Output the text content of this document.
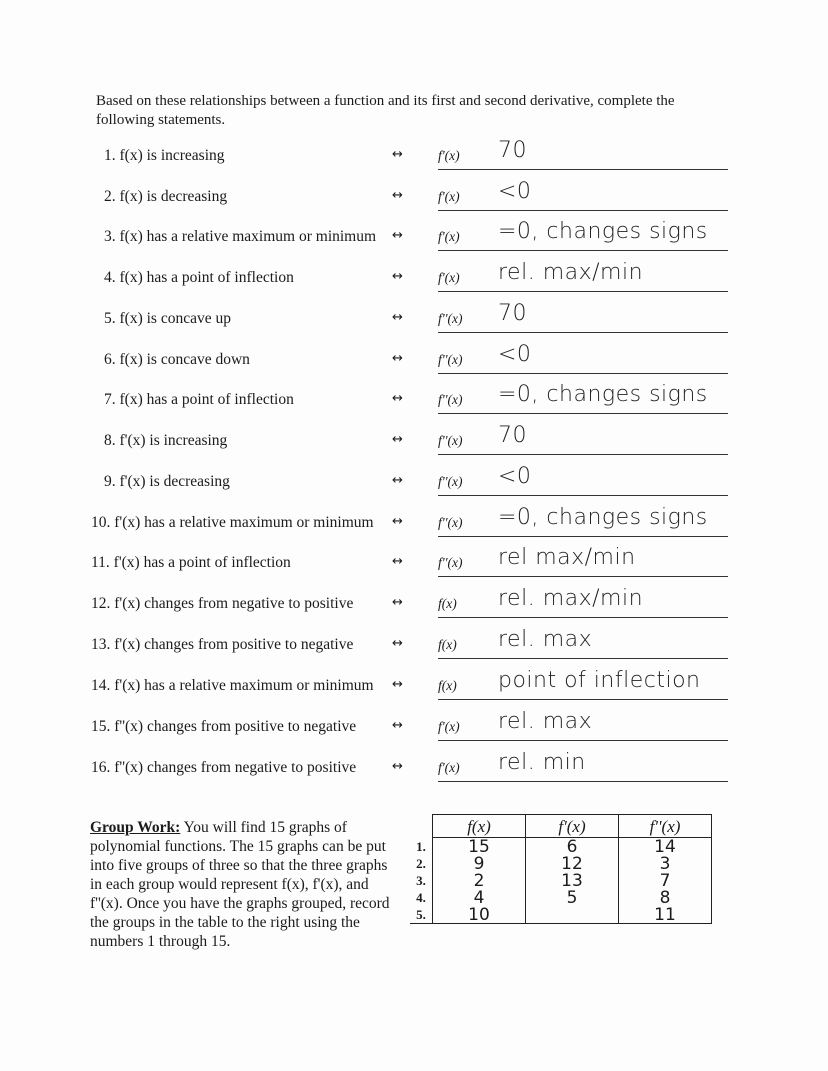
Based on these relationships between a function and its first and second derivative, complete the following statements.
1. f(x) is increasing	↔	f'(x) 70
2. f(x) is decreasing	↔	f'(x) <0
3. f(x) has a relative maximum or minimum ↔	f'(x) =0, changes signs
4. f(x) has a point of inflection	↔	f'(x) rel. max/min
5. f(x) is concave up	↔	f''(x) 70
6. f(x) is concave down	↔	f''(x) <0
7. f(x) has a point of inflection	↔	f''(x) =0, changes signs
8. f'(x) is increasing	↔	f''(x) 70
9. f'(x) is decreasing	↔	f''(x) <0
10. f'(x) has a relative maximum or minimum ↔	f''(x) =0, changes signs
11. f'(x) has a point of inflection	↔	f''(x) rel max/min
12. f'(x) changes from negative to positive	↔	f(x) rel. max/min
13. f'(x) changes from positive to negative	↔	f(x) rel. max
14. f'(x) has a relative maximum or minimum ↔	f(x) point of inflection
15. f''(x) changes from positive to negative	↔	f'(x) rel. max
16. f''(x) changes from negative to positive	↔	f'(x) rel. min
Group Work: You will find 15 graphs of polynomial functions. The 15 graphs can be put into five groups of three so that the three graphs in each group would represent f(x), f'(x), and f''(x). Once you have the graphs grouped, record the groups in the table to the right using the numbers 1 through 15.
	f(x)	f'(x)	f''(x)
1.	15	6	14
2.	9	12	3
3.	2	13	7
4.	4	5	8
5.	10		11
